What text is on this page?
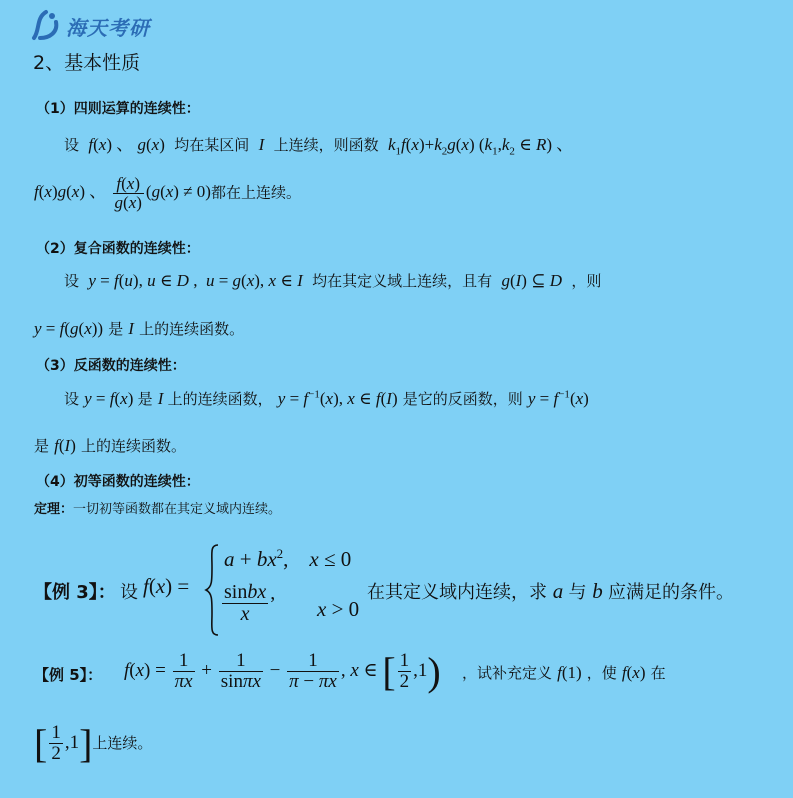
海天考研
2、基本性质
（1）四则运算的连续性：
设 f(x) 、 g(x)  均在某区间 I 上连续，则函数 $k_1f(x)+k_2g(x)$ ($k_1,k_2$ ∈ R) 、
f(x)g(x) 、 $\frac{f(x)}{g(x)} (g(x) \ne 0)$都在上连续。
（2）复合函数的连续性：
设 y = f(u), u ∈ D ,  u = g(x), x ∈ I 均在其定义域上连续，且有 g(I) ⊆ D ，则
y = f(g(x)) 是 I 上的连续函数。
（3）反函数的连续性：
设 y = f(x) 是 I 上的连续函数， $y = f^{-1}(x)$, x ∈ f(I) 是它的反函数，则 $y = f^{-1}(x)$
是 f(I) 上的连续函数。
（4）初等函数的连续性：
定理：一切初等函数都在其定义域内连续。
【例 3】： 设 f(x) =
$a + bx^2$,    x ≤ 0
$\frac{\text{sinbx}}{x}$ ,
x > 0
在其定义域内连续，求 a 与 b 应满足的条件。
【例 5】： $f(x) = \frac{1}{\pi x} + \frac{1}{\sin\pi x} - \frac{1}{\pi - \pi x}$ , x ∈ [ $\frac{1}{2} ,1$) ，试补充定义 f(1) ，使 f(x) 在
[ $\frac{1}{2} ,1$]上连续。
